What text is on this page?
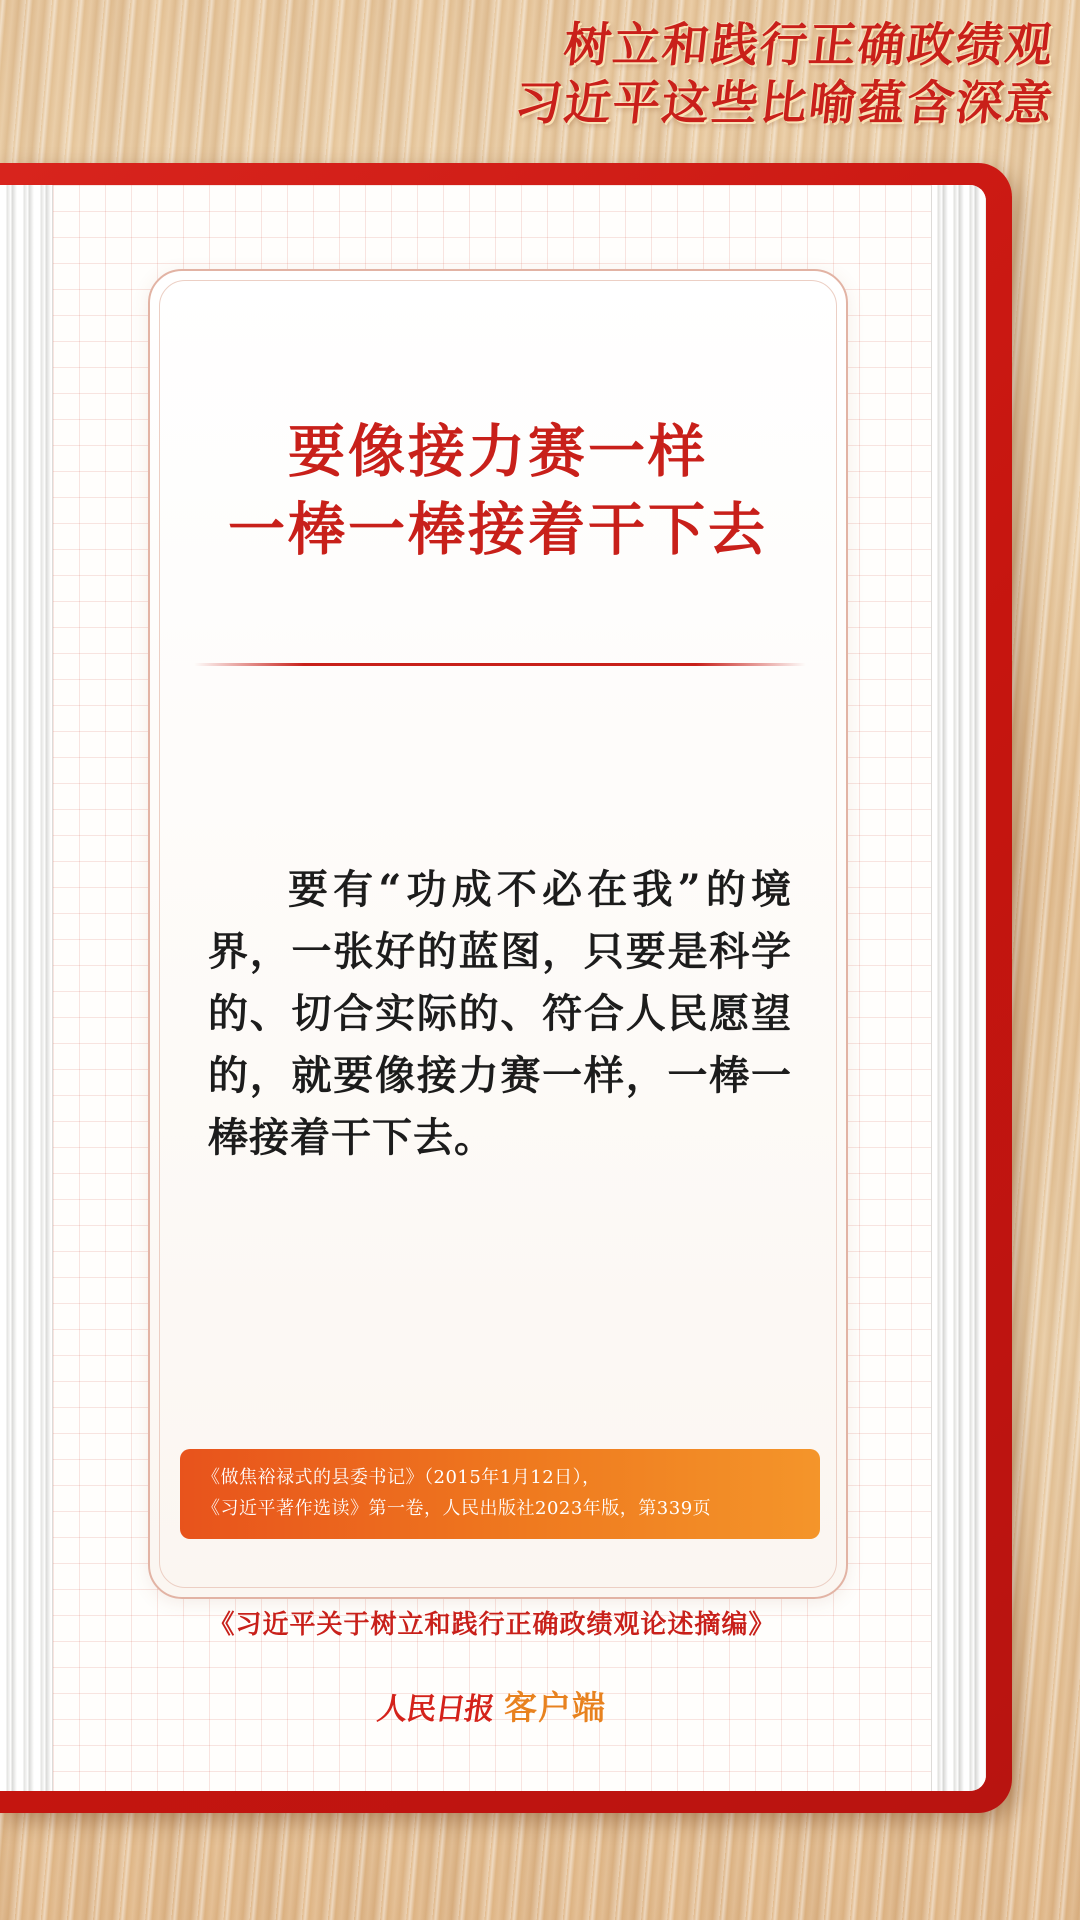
树立和践行正确政绩观
习近平这些比喻蕴含深意
要像接力赛一样
一棒一棒接着干下去
要有“功成不必在我”的境界，一张好的蓝图，只要是科学的、切合实际的、符合人民愿望的，就要像接力赛一样，一棒一棒接着干下去。
《做焦裕禄式的县委书记》（2015年1月12日），
《习近平著作选读》第一卷，人民出版社2023年版，第339页
《习近平关于树立和践行正确政绩观论述摘编》
人民日报 客户端
